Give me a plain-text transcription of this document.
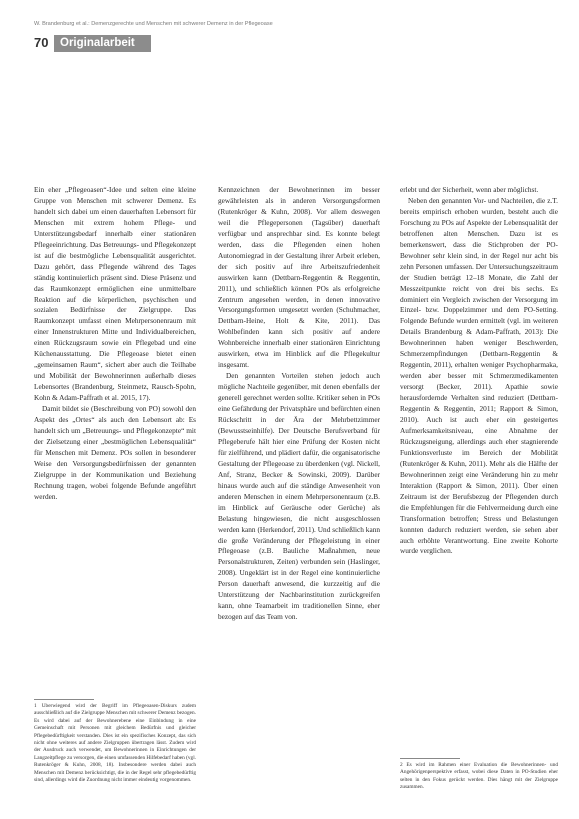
W. Brandenburg et al.: Demenzgerechte und Menschen mit schwerer Demenz in der Pflegeoase
70	Originalarbeit

Ein eher „Pflegeoasen“-Idee und selten eine kleine Gruppe von Menschen mit schwerer Demenz. Es handelt sich dabei um einen dauerhaften Lebensort für Menschen mit extrem hohem Pflege- und Unterstützungsbedarf innerhalb einer stationären Pflegeeinrichtung. Das Betreuungs- und Pflegekonzept ist auf die bestmögliche Lebensqualität ausgerichtet. Dazu gehört, dass Pflegende während des Tages ständig kontinuierlich präsent sind. Diese Präsenz und das Raumkonzept ermöglichen eine unmittelbare Reaktion auf die körperlichen, psychischen und sozialen Bedürfnisse der Zielgruppe. Das Raumkonzept umfasst einen Mehrpersonenraum mit einer Innenstrukturen Mitte und Individualbereichen, einen Rückzugsraum sowie ein Pflegebad und eine Küchenausstattung. Die Pflegeoase bietet einen „gemeinsamen Raum“, sichert aber auch die Teilhabe und Mobilität der Bewohnerinnen außerhalb dieses Lebensortes (Brandenburg, Steinmetz, Rausch-Spohn, Kohn & Adam-Paffrath et al. 2015, 17).

Damit bildet sie (Beschreibung von PO) sowohl den Aspekt des „Ortes“ als auch den Lebensort ab: Es handelt sich um „Betreuungs- und Pflegekonzepte“ mit der Zielsetzung einer „bestmöglichen Lebensqualität“ für Menschen mit Demenz. POs sollen in besonderer Weise den Versorgungsbedürfnissen der genannten Zielgruppe in der Kommunikation und Beziehung Rechnung tragen, wobei folgende Befunde angeführt werden.

Kennzeichnen der Bewohnerinnen im besser gewährleisten als in anderen Versorgungsformen (Rutenkröger & Kuhn, 2008). Vor allem deswegen weil die Pflegepersonen (Tagsüber) dauerhaft verfügbar und ansprechbar sind. Es konnte belegt werden, dass die Pflegenden einen hohen Autonomiegrad in der Gestaltung ihrer Arbeit erleben, der sich positiv auf ihre Arbeitszufriedenheit auswirken kann (Dettbarn-Reggentin & Reggentin, 2011), und schließlich können POs als erfolgreiche Zentrum angesehen werden, in denen innovative Versorgungsformen umgesetzt werden (Schuhmacher, Dettbarn-Heine, Holt & Kite, 2011). Das Wohlbefinden kann sich positiv auf andere Wohnbereiche innerhalb einer stationären Einrichtung auswirken, etwa im Hinblick auf die Pflegekultur insgesamt.

Den genannten Vorteilen stehen jedoch auch mögliche Nachteile gegenüber, mit denen ebenfalls der generell gerechnet werden sollte. Kritiker sehen in POs eine Gefährdung der Privatsphäre und befürchten einen Rückschritt in der Ära der Mehrbettzimmer (Bewusstseinhilfe). Der Deutsche Berufsverband für Pflegeberufe hält hier eine Prüfung der Kosten nicht für zielführend, und plädiert dafür, die organisatorische Gestaltung der Pflegeoase zu überdenken (vgl. Nickell, Anf, Stranz, Becker & Sowinski, 2009). Darüber hinaus wurde auch auf die ständige Anwesenheit von anderen Menschen in einem Mehrpersonenraum (z.B. im Hinblick auf Geräusche oder Gerüche) als Belastung hingewiesen, die nicht ausgeschlossen werden kann (Herkendorf, 2011). Und schließlich kann die große Veränderung der Pflegeleistung in einer Pflegeoase (z.B. Bauliche Maßnahmen, neue Personalstrukturen, Zeiten) verbunden sein (Haslinger, 2008). Ungeklärt ist in der Regel eine kontinuierliche Person dauerhaft anwesend, die kurzzeitig auf die Unterstützung der Nachbarinstitution zurückgreifen kann, ohne Teamarbeit im traditionellen Sinne, eher bezogen auf das Team von.

erlebt und der Sicherheit, wenn aber möglichst.

Neben den genannten Vor- und Nachteilen, die z.T. bereits empirisch erhoben wurden, besteht auch die Forschung zu POs auf Aspekte der Lebensqualität der betroffenen alten Menschen. Dazu ist es bemerkenswert, dass die Stichproben der PO-Bewohner sehr klein sind, in der Regel nur acht bis zehn Personen umfassen. Der Untersuchungszeitraum der Studien beträgt 12–18 Monate, die Zahl der Messzeitpunkte reicht von drei bis sechs. Es dominiert ein Vergleich zwischen der Versorgung im Einzel- bzw. Doppelzimmer und dem PO-Setting. Folgende Befunde wurden ermittelt (vgl. im weiteren Details Brandenburg & Adam-Paffrath, 2013): Die Bewohnerinnen haben weniger Beschwerden, Schmerzempfindungen (Dettbarn-Reggentin & Reggentin, 2011), erhalten weniger Psychopharmaka, werden aber besser mit Schmerzmedikamenten versorgt (Becker, 2011). Apathie sowie herausfordernde Verhalten sind reduziert (Dettbarn-Reggentin & Reggentin, 2011; Rapport & Simon, 2010). Auch ist auch eher ein gesteigertes Aufmerksamkeitsniveau, eine Abnahme der Rückzugsneigung, allerdings auch eher stagnierende Funktionsverluste im Bereich der Mobilität (Rutenkröger & Kuhn, 2011). Mehr als die Hälfte der Bewohnerinnen zeigt eine Veränderung hin zu mehr Interaktion (Rapport & Simon, 2011). Über einen Zeitraum ist der Berufsbezug der Pflegenden durch die Empfehlungen für die Fehlvermeidung durch eine Transformation betroffen; Stress und Belastungen konnten dadurch reduziert werden, sie sehen aber auch erhöhte Verantwortung. Eine zweite Kohorte wurde verglichen.

1 Überwiegend wird der Begriff im Pflegeoasen-Diskurs zudem ausschließlich auf die Zielgruppe Menschen mit schwerer Demenz bezogen. Es wird dabei auf der Bewohnerebene eine Einbindung in eine Gemeinschaft mit Personen mit gleichem Bedürfnis und gleicher Pflegebedürftigkeit verstanden. Dies ist ein spezifisches Konzept, das sich nicht ohne weiteres auf andere Zielgruppen übertragen lässt. Zudem wird der Ausdruck auch verwendet, um Bewohnerinnen in Einrichtungen der Langzeitpflege zu versorgen, die einen umfassenden Hilfebedarf haben (vgl. Rutenkröger & Kuhn, 2008, 18). Insbesondere werden dabei auch Menschen mit Demenz berücksichtigt, die in der Regel sehr pflegebedürftig sind, allerdings wird die Zuordnung nicht immer eindeutig vorgenommen.

2 Es wird im Rahmen einer Evaluation die Bewohnerinnen- und Angehörigenperspektive erfasst, wobei diese Daten in PO-Studien eher selten in den Fokus gerückt werden. Dies hängt mit der Zielgruppe zusammen.
